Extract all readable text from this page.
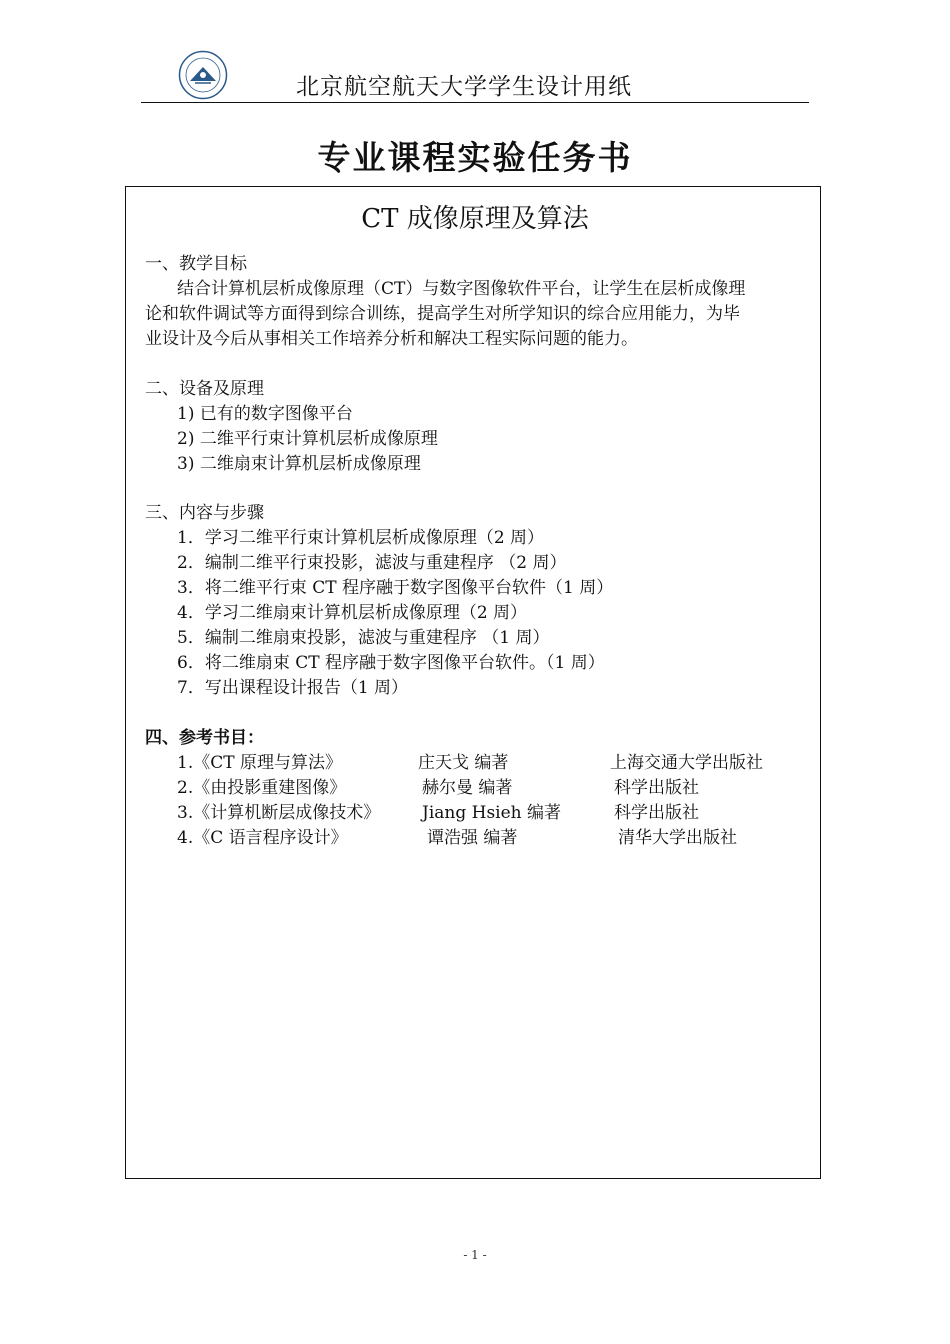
北京航空航天大学学生设计用纸
专业课程实验任务书
CT 成像原理及算法
一、教学目标
结合计算机层析成像原理（CT）与数字图像软件平台，让学生在层析成像理
论和软件调试等方面得到综合训练，提高学生对所学知识的综合应用能力，为毕
业设计及今后从事相关工作培养分析和解决工程实际问题的能力。
二、设备及原理
1) 已有的数字图像平台
2) 二维平行束计算机层析成像原理
3) 二维扇束计算机层析成像原理
三、内容与步骤
1．学习二维平行束计算机层析成像原理（2 周）
2．编制二维平行束投影，滤波与重建程序 （2 周）
3．将二维平行束 CT 程序融于数字图像平台软件（1 周）
4．学习二维扇束计算机层析成像原理（2 周）
5．编制二维扇束投影，滤波与重建程序 （1 周）
6．将二维扇束 CT 程序融于数字图像平台软件。（1 周）
7．写出课程设计报告（1 周）
四、参考书目：
1.《CT 原理与算法》	庄天戈 编著	上海交通大学出版社
2.《由投影重建图像》	赫尔曼 编著	科学出版社
3.《计算机断层成像技术》 Jiang Hsieh 编著	科学出版社
4.《C 语言程序设计》	谭浩强 编著	清华大学出版社
- 1 -
